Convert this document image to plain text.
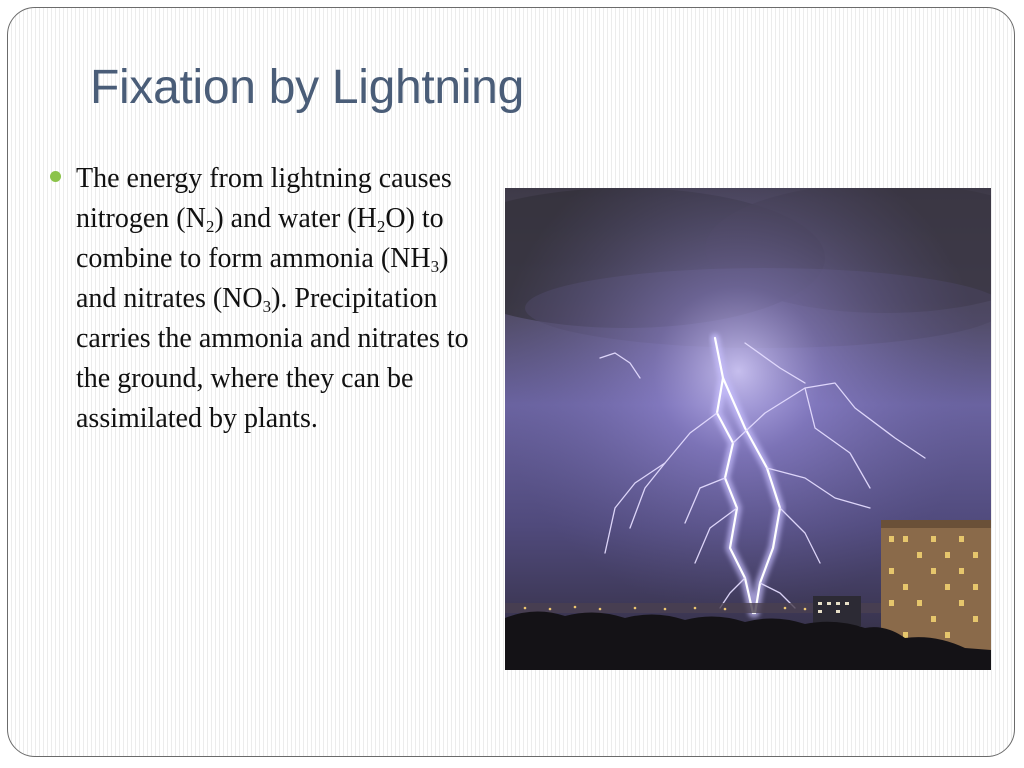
Fixation by Lightning
The energy from lightning causes nitrogen $(N_2)$ and water $(H_2O)$ to combine to form ammonia $(NH_3)$ and nitrates $(NO_3)$. Precipitation carries the ammonia and nitrates to the ground, where they can be assimilated by plants.
